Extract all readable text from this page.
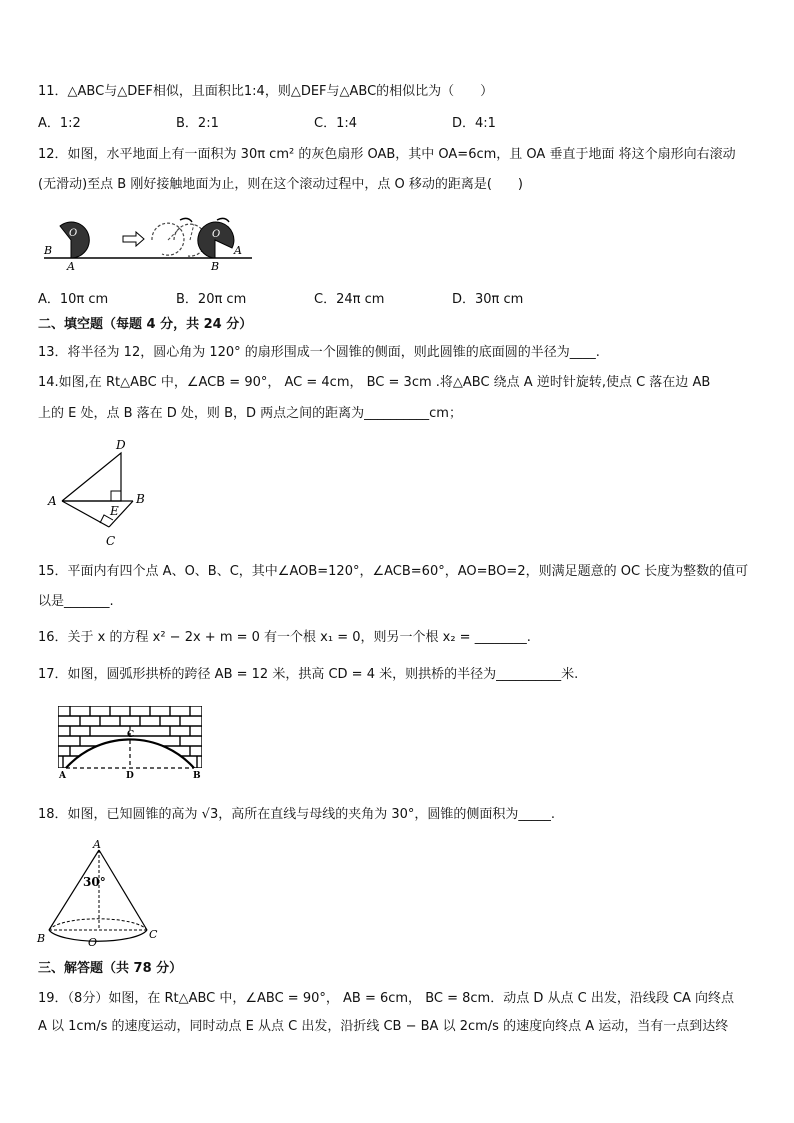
11．△ABC与△DEF相似，且面积比1:4，则△DEF与△ABC的相似比为（　　）
A．1:2	B．2:1	C．1:4	D．4:1
12．如图，水平地面上有一面积为 30π cm² 的灰色扇形 OAB，其中 OA=6cm，且 OA 垂直于地面 将这个扇形向右滚动
(无滑动)至点 B 刚好接触地面为止，则在这个滚动过程中，点 O 移动的距离是(　　)
B
A
O
B
A
O
A．10π cm	B．20π cm	C．24π cm	D．30π cm
二、填空题（每题 4 分，共 24 分）
13．将半径为 12，圆心角为 120° 的扇形围成一个圆锥的侧面，则此圆锥的底面圆的半径为____.
14.如图,在 Rt△ABC 中，∠ACB = 90°， AC = 4cm， BC = 3cm .将△ABC 绕点 A 逆时针旋转,使点 C 落在边 AB
上的 E 处，点 B 落在 D 处，则 B，D 两点之间的距离为__________cm；
D
A	B
E
C
15．平面内有四个点 A、O、B、C，其中∠AOB=120°，∠ACB=60°，AO=BO=2，则满足题意的 OC 长度为整数的值可
以是_______.
16．关于 x 的方程 x² − 2x + m = 0 有一个根 x₁ = 0，则另一个根 x₂ = ________.
17．如图，圆弧形拱桥的跨径 AB = 12 米，拱高 CD = 4 米，则拱桥的半径为__________米.
C
A	D	B
18．如图，已知圆锥的高为 √3，高所在直线与母线的夹角为 30°，圆锥的侧面积为_____.
A
30°
B	O
C
三、解答题（共 78 分）
19．（8分）如图，在 Rt△ABC 中，∠ABC = 90°， AB = 6cm， BC = 8cm．动点 D 从点 C 出发，沿线段 CA 向终点
A 以 1cm/s 的速度运动，同时动点 E 从点 C 出发，沿折线 CB − BA 以 2cm/s 的速度向终点 A 运动，当有一点到达终
